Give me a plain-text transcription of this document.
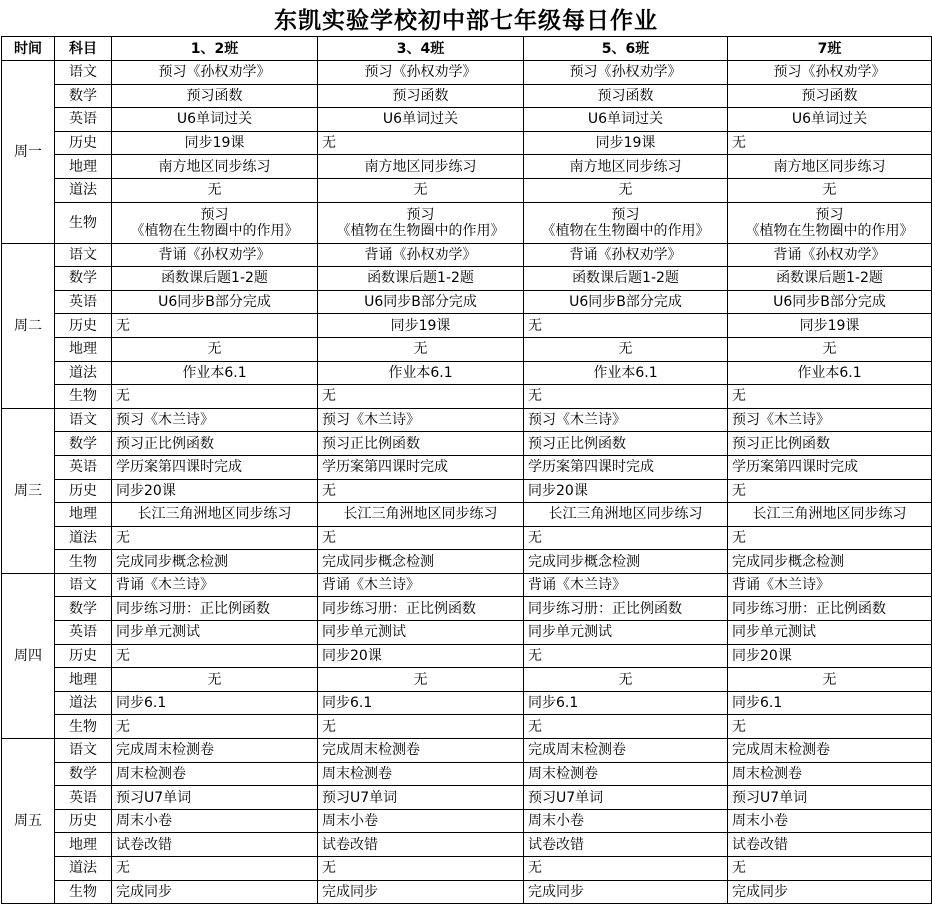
东凯实验学校初中部七年级每日作业
时间	科目	1、2班	3、4班	5、6班	7班
周一	语文	预习《孙权劝学》	预习《孙权劝学》	预习《孙权劝学》	预习《孙权劝学》
	数学	预习函数	预习函数	预习函数	预习函数
	英语	U6单词过关	U6单词过关	U6单词过关	U6单词过关
	历史	同步19课	无	同步19课	无
	地理	南方地区同步练习	南方地区同步练习	南方地区同步练习	南方地区同步练习
	道法	无	无	无	无
	生物	预习
《植物在生物圈中的作用》	预习
《植物在生物圈中的作用》	预习
《植物在生物圈中的作用》	预习
《植物在生物圈中的作用》
周二	语文	背诵《孙权劝学》	背诵《孙权劝学》	背诵《孙权劝学》	背诵《孙权劝学》
	数学	函数课后题1-2题	函数课后题1-2题	函数课后题1-2题	函数课后题1-2题
	英语	U6同步B部分完成	U6同步B部分完成	U6同步B部分完成	U6同步B部分完成
	历史	无	同步19课	无	同步19课
	地理	无	无	无	无
	道法	作业本6.1	作业本6.1	作业本6.1	作业本6.1
	生物	无	无	无	无
周三	语文	预习《木兰诗》	预习《木兰诗》	预习《木兰诗》	预习《木兰诗》
	数学	预习正比例函数	预习正比例函数	预习正比例函数	预习正比例函数
	英语	学历案第四课时完成	学历案第四课时完成	学历案第四课时完成	学历案第四课时完成
	历史	同步20课	无	同步20课	无
	地理	长江三角洲地区同步练习	长江三角洲地区同步练习	长江三角洲地区同步练习	长江三角洲地区同步练习
	道法	无	无	无	无
	生物	完成同步概念检测	完成同步概念检测	完成同步概念检测	完成同步概念检测
周四	语文	背诵《木兰诗》	背诵《木兰诗》	背诵《木兰诗》	背诵《木兰诗》
	数学	同步练习册：正比例函数	同步练习册：正比例函数	同步练习册：正比例函数	同步练习册：正比例函数
	英语	同步单元测试	同步单元测试	同步单元测试	同步单元测试
	历史	无	同步20课	无	同步20课
	地理	无	无	无	无
	道法	同步6.1	同步6.1	同步6.1	同步6.1
	生物	无	无	无	无
周五	语文	完成周末检测卷	完成周末检测卷	完成周末检测卷	完成周末检测卷
	数学	周末检测卷	周末检测卷	周末检测卷	周末检测卷
	英语	预习U7单词	预习U7单词	预习U7单词	预习U7单词
	历史	周末小卷	周末小卷	周末小卷	周末小卷
	地理	试卷改错	试卷改错	试卷改错	试卷改错
	道法	无	无	无	无
	生物	完成同步	完成同步	完成同步	完成同步
